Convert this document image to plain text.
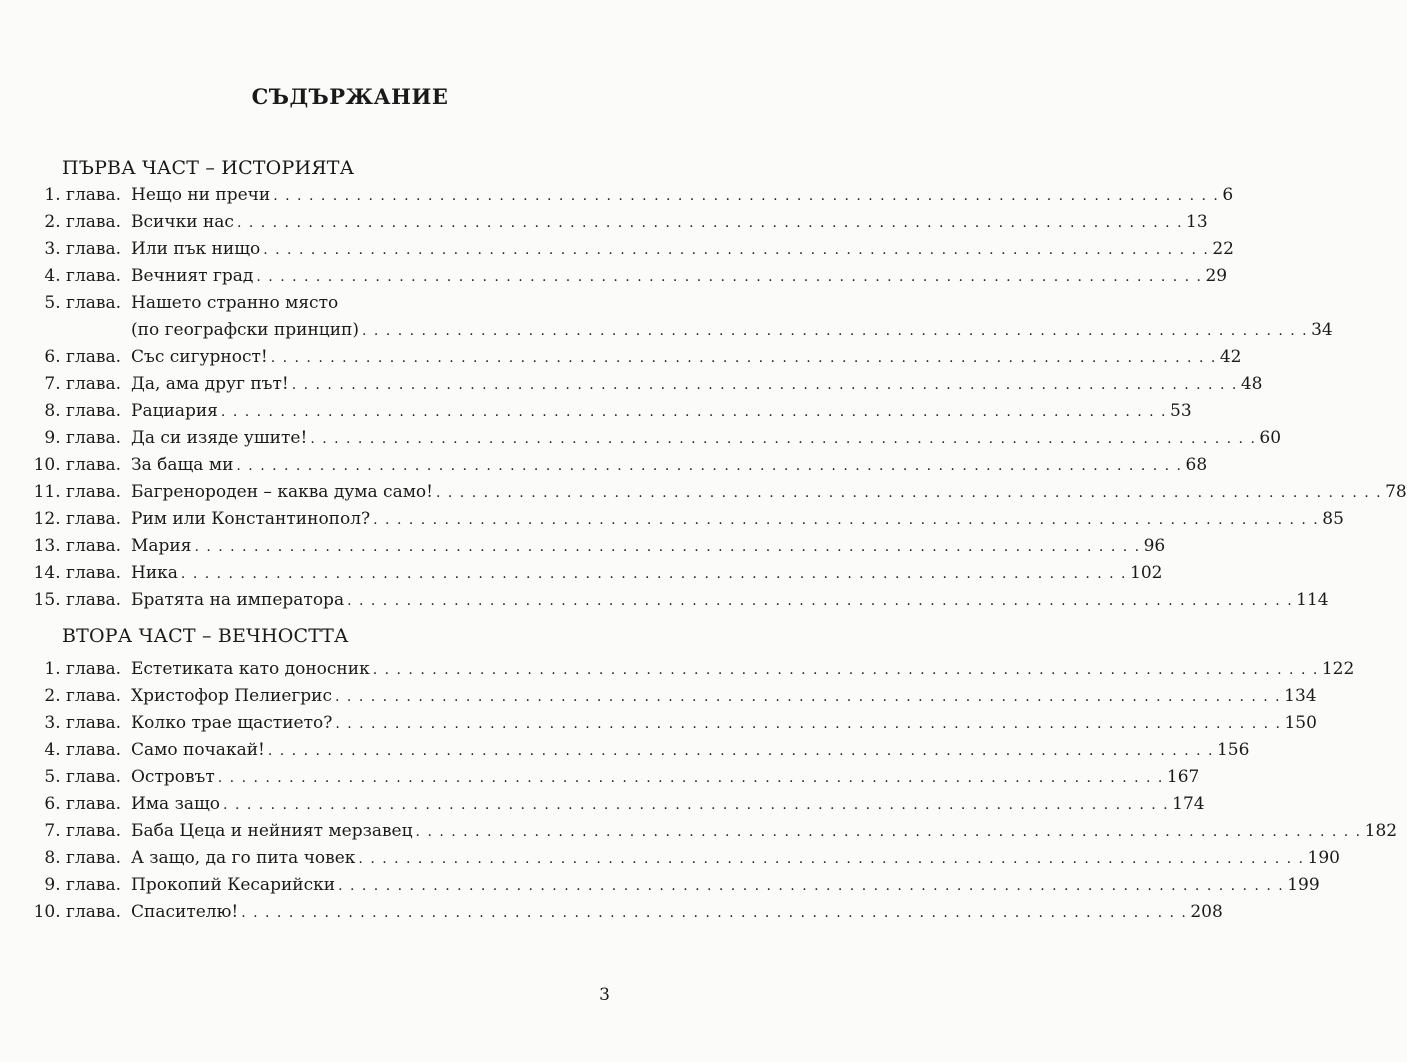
СЪДЪРЖАНИЕ
ПЪРВА ЧАСТ – ИСТОРИЯТА
1. глава. Нещо ни пречи . . . . . . . . . . . . . . . . . . . . . . . . . . . . . . . . . . . . . . . . . . . . . . . . . . . . . . . . . . . . . . . . . . . . . . . . . . . . . . . . 6
2. глава. Всички нас . . . . . . . . . . . . . . . . . . . . . . . . . . . . . . . . . . . . . . . . . . . . . . . . . . . . . . . . . . . . . . . . . . . . . . . . . . . . . . . . 13
3. глава. Или пък нищо . . . . . . . . . . . . . . . . . . . . . . . . . . . . . . . . . . . . . . . . . . . . . . . . . . . . . . . . . . . . . . . . . . . . . . . . . . . . . . . . 22
4. глава. Вечният град . . . . . . . . . . . . . . . . . . . . . . . . . . . . . . . . . . . . . . . . . . . . . . . . . . . . . . . . . . . . . . . . . . . . . . . . . . . . . . . . 29
5. глава. Нашето странно място
(по географски принцип) . . . . . . . . . . . . . . . . . . . . . . . . . . . . . . . . . . . . . . . . . . . . . . . . . . . . . . . . . . . . . . . . . . . . . . . . . . . . . . . . 34
6. глава. Със сигурност! . . . . . . . . . . . . . . . . . . . . . . . . . . . . . . . . . . . . . . . . . . . . . . . . . . . . . . . . . . . . . . . . . . . . . . . . . . . . . . . . 42
7. глава. Да, ама друг път! . . . . . . . . . . . . . . . . . . . . . . . . . . . . . . . . . . . . . . . . . . . . . . . . . . . . . . . . . . . . . . . . . . . . . . . . . . . . . . . . 48
8. глава. Рациария . . . . . . . . . . . . . . . . . . . . . . . . . . . . . . . . . . . . . . . . . . . . . . . . . . . . . . . . . . . . . . . . . . . . . . . . . . . . . . . . 53
9. глава. Да си изяде ушите! . . . . . . . . . . . . . . . . . . . . . . . . . . . . . . . . . . . . . . . . . . . . . . . . . . . . . . . . . . . . . . . . . . . . . . . . . . . . . . . . 60
10. глава. За баща ми . . . . . . . . . . . . . . . . . . . . . . . . . . . . . . . . . . . . . . . . . . . . . . . . . . . . . . . . . . . . . . . . . . . . . . . . . . . . . . . . 68
11. глава. Багренороден – каква дума само! . . . . . . . . . . . . . . . . . . . . . . . . . . . . . . . . . . . . . . . . . . . . . . . . . . . . . . . . . . . . . . . . . . . . . . . . . . . . . . . . 78
12. глава. Рим или Константинопол? . . . . . . . . . . . . . . . . . . . . . . . . . . . . . . . . . . . . . . . . . . . . . . . . . . . . . . . . . . . . . . . . . . . . . . . . . . . . . . . . 85
13. глава. Мария . . . . . . . . . . . . . . . . . . . . . . . . . . . . . . . . . . . . . . . . . . . . . . . . . . . . . . . . . . . . . . . . . . . . . . . . . . . . . . . . 96
14. глава. Ника . . . . . . . . . . . . . . . . . . . . . . . . . . . . . . . . . . . . . . . . . . . . . . . . . . . . . . . . . . . . . . . . . . . . . . . . . . . . . . . . 102
15. глава. Братята на императора . . . . . . . . . . . . . . . . . . . . . . . . . . . . . . . . . . . . . . . . . . . . . . . . . . . . . . . . . . . . . . . . . . . . . . . . . . . . . . . . 114
ВТОРА ЧАСТ – ВЕЧНОСТТА
1. глава. Естетиката като доносник . . . . . . . . . . . . . . . . . . . . . . . . . . . . . . . . . . . . . . . . . . . . . . . . . . . . . . . . . . . . . . . . . . . . . . . . . . . . . . . . 122
2. глава. Христофор Пелиегрис . . . . . . . . . . . . . . . . . . . . . . . . . . . . . . . . . . . . . . . . . . . . . . . . . . . . . . . . . . . . . . . . . . . . . . . . . . . . . . . . 134
3. глава. Колко трае щастието? . . . . . . . . . . . . . . . . . . . . . . . . . . . . . . . . . . . . . . . . . . . . . . . . . . . . . . . . . . . . . . . . . . . . . . . . . . . . . . . . 150
4. глава. Само почакай! . . . . . . . . . . . . . . . . . . . . . . . . . . . . . . . . . . . . . . . . . . . . . . . . . . . . . . . . . . . . . . . . . . . . . . . . . . . . . . . . 156
5. глава. Островът . . . . . . . . . . . . . . . . . . . . . . . . . . . . . . . . . . . . . . . . . . . . . . . . . . . . . . . . . . . . . . . . . . . . . . . . . . . . . . . . 167
6. глава. Има защо . . . . . . . . . . . . . . . . . . . . . . . . . . . . . . . . . . . . . . . . . . . . . . . . . . . . . . . . . . . . . . . . . . . . . . . . . . . . . . . . 174
7. глава. Баба Цеца и нейният мерзавец . . . . . . . . . . . . . . . . . . . . . . . . . . . . . . . . . . . . . . . . . . . . . . . . . . . . . . . . . . . . . . . . . . . . . . . . . . . . . . . . 182
8. глава. А защо, да го пита човек . . . . . . . . . . . . . . . . . . . . . . . . . . . . . . . . . . . . . . . . . . . . . . . . . . . . . . . . . . . . . . . . . . . . . . . . . . . . . . . . 190
9. глава. Прокопий Кесарийски . . . . . . . . . . . . . . . . . . . . . . . . . . . . . . . . . . . . . . . . . . . . . . . . . . . . . . . . . . . . . . . . . . . . . . . . . . . . . . . . 199
10. глава. Спасителю! . . . . . . . . . . . . . . . . . . . . . . . . . . . . . . . . . . . . . . . . . . . . . . . . . . . . . . . . . . . . . . . . . . . . . . . . . . . . . . . . 208
3
